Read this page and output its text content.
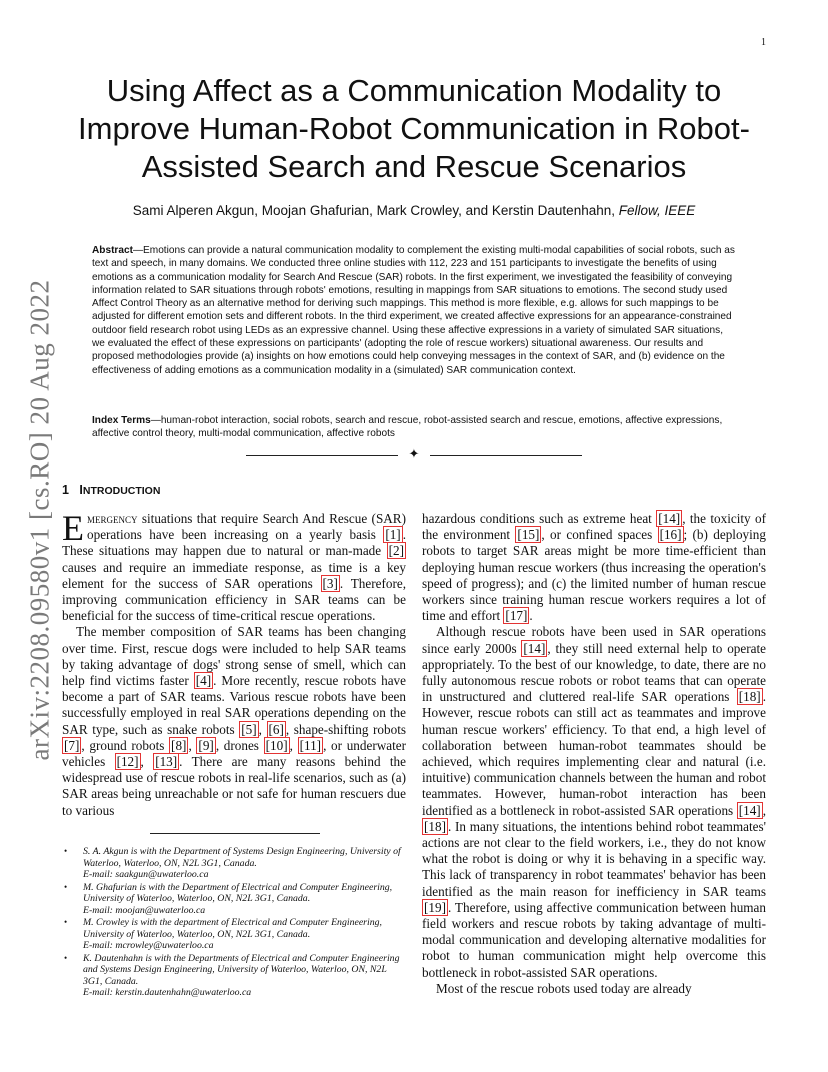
1
arXiv:2208.09580v1 [cs.RO] 20 Aug 2022
Using Affect as a Communication Modality to Improve Human-Robot Communication in Robot-Assisted Search and Rescue Scenarios
Sami Alperen Akgun, Moojan Ghafurian, Mark Crowley, and Kerstin Dautenhahn, Fellow, IEEE
Abstract—Emotions can provide a natural communication modality to complement the existing multi-modal capabilities of social robots, such as text and speech, in many domains. We conducted three online studies with 112, 223 and 151 participants to investigate the benefits of using emotions as a communication modality for Search And Rescue (SAR) robots. In the first experiment, we investigated the feasibility of conveying information related to SAR situations through robots' emotions, resulting in mappings from SAR situations to emotions. The second study used Affect Control Theory as an alternative method for deriving such mappings. This method is more flexible, e.g. allows for such mappings to be adjusted for different emotion sets and different robots. In the third experiment, we created affective expressions for an appearance-constrained outdoor field research robot using LEDs as an expressive channel. Using these affective expressions in a variety of simulated SAR situations, we evaluated the effect of these expressions on participants' (adopting the role of rescue workers) situational awareness. Our results and proposed methodologies provide (a) insights on how emotions could help conveying messages in the context of SAR, and (b) evidence on the effectiveness of adding emotions as a communication modality in a (simulated) SAR communication context.
Index Terms—human-robot interaction, social robots, search and rescue, robot-assisted search and rescue, emotions, affective expressions, affective control theory, multi-modal communication, affective robots
✦
1 INTRODUCTION

Emergency situations that require Search And Rescue (SAR) operations have been increasing on a yearly basis [1] . These situations may happen due to natural or man-made [2] causes and require an immediate response, as time is a key element for the success of SAR operations [3] . Therefore, improving communication efficiency in SAR teams can be beneficial for the success of time-critical rescue operations.

The member composition of SAR teams has been changing over time. First, rescue dogs were included to help SAR teams by taking advantage of dogs' strong sense of smell, which can help find victims faster [4] . More recently, rescue robots have become a part of SAR teams. Various rescue robots have been successfully employed in real SAR operations depending on the SAR type, such as snake robots [5] , [6] , shape-shifting robots [7] , ground robots [8] , [9] , drones [10] , [11] , or underwater vehicles [12] , [13] . There are many reasons behind the widespread use of rescue robots in real-life scenarios, such as (a) SAR areas being unreachable or not safe for human rescuers due to various

hazardous conditions such as extreme heat [14] , the toxicity of the environment [15] , or confined spaces [16] ; (b) deploying robots to target SAR areas might be more time-efficient than deploying human rescue workers (thus increasing the operation's speed of progress); and (c) the limited number of human rescue workers since training human rescue workers requires a lot of time and effort [17] .

Although rescue robots have been used in SAR operations since early 2000s [14] , they still need external help to operate appropriately. To the best of our knowledge, to date, there are no fully autonomous rescue robots or robot teams that can operate in unstructured and cluttered real-life SAR operations [18] . However, rescue robots can still act as teammates and improve human rescue workers' efficiency. To that end, a high level of collaboration between human-robot teammates should be achieved, which requires implementing clear and natural (i.e. intuitive) communication channels between the human and robot teammates. However, human-robot interaction has been identified as a bottleneck in robot-assisted SAR operations [14] , [18] . In many situations, the intentions behind robot teammates' actions are not clear to the field workers, i.e., they do not know what the robot is doing or why it is behaving in a specific way. This lack of transparency in robot teammates' behavior has been identified as the main reason for inefficiency in SAR teams [19] . Therefore, using affective communication between human field workers and rescue robots by taking advantage of multi-modal communication and developing alternative modalities for robot to human communication might help overcome this bottleneck in robot-assisted SAR operations.

Most of the rescue robots used today are already

• S. A. Akgun is with the Department of Systems Design Engineering, University of Waterloo, Waterloo, ON, N2L 3G1, Canada.
E-mail: saakgun@uwaterloo.ca
• M. Ghafurian is with the Department of Electrical and Computer Engineering, University of Waterloo, Waterloo, ON, N2L 3G1, Canada.
E-mail: moojan@uwaterloo.ca
• M. Crowley is with the department of Electrical and Computer Engineering, University of Waterloo, Waterloo, ON, N2L 3G1, Canada.
E-mail: mcrowley@uwaterloo.ca
• K. Dautenhahn is with the Departments of Electrical and Computer Engineering and Systems Design Engineering, University of Waterloo, Waterloo, ON, N2L 3G1, Canada.
E-mail: kerstin.dautenhahn@uwaterloo.ca
